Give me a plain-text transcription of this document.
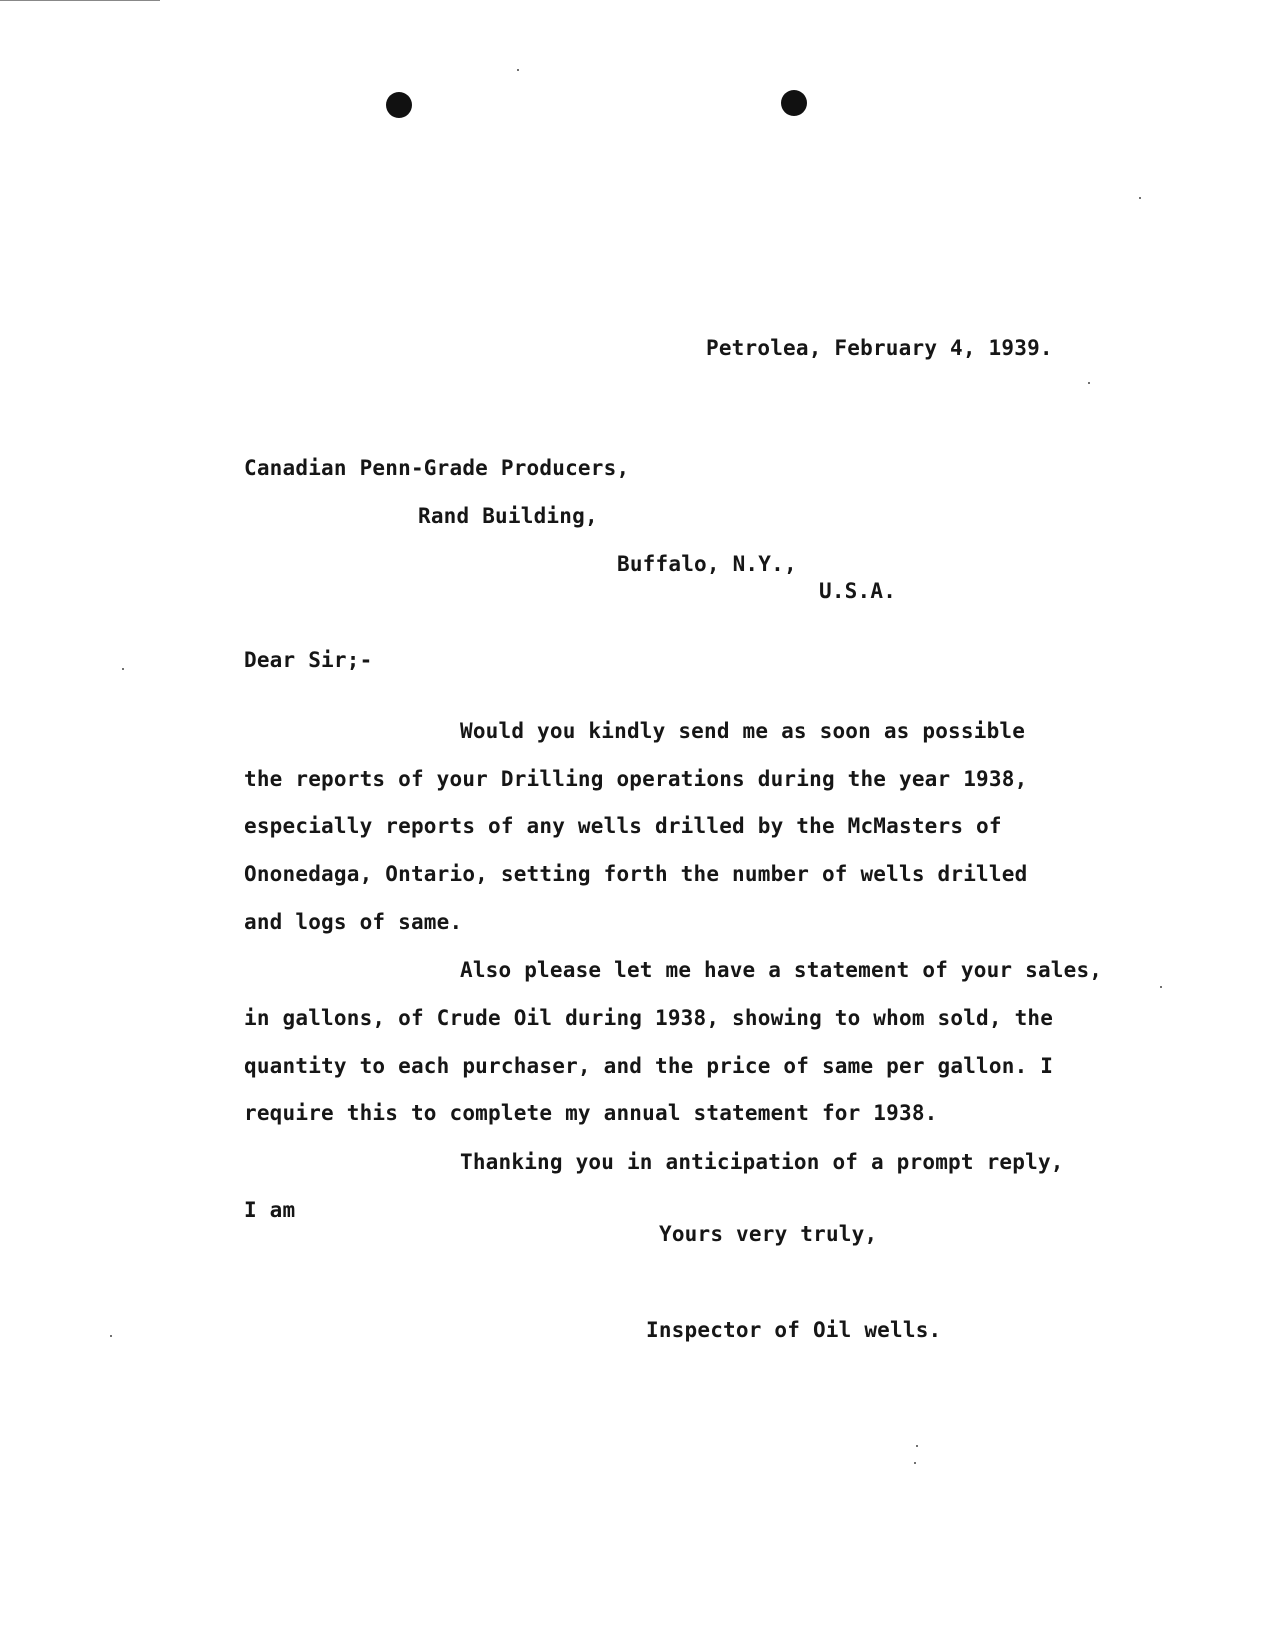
Petrolea, February 4, 1939.

Canadian Penn-Grade Producers,

Rand Building,

Buffalo, N.Y.,

U.S.A.

Dear Sir;-

Would you kindly send me as soon as possible

the reports of your Drilling operations during the year 1938,

especially reports of any wells drilled by the McMasters of

Ononedaga, Ontario, setting forth the number of wells drilled

and logs of same.

Also please let me have a statement of your sales,

in gallons, of Crude Oil during 1938, showing to whom sold, the

quantity to each purchaser, and the price of same per gallon. I

require this to complete my annual statement for 1938.

Thanking you in anticipation of a prompt reply,

I am

Yours very truly,

Inspector of Oil wells.
